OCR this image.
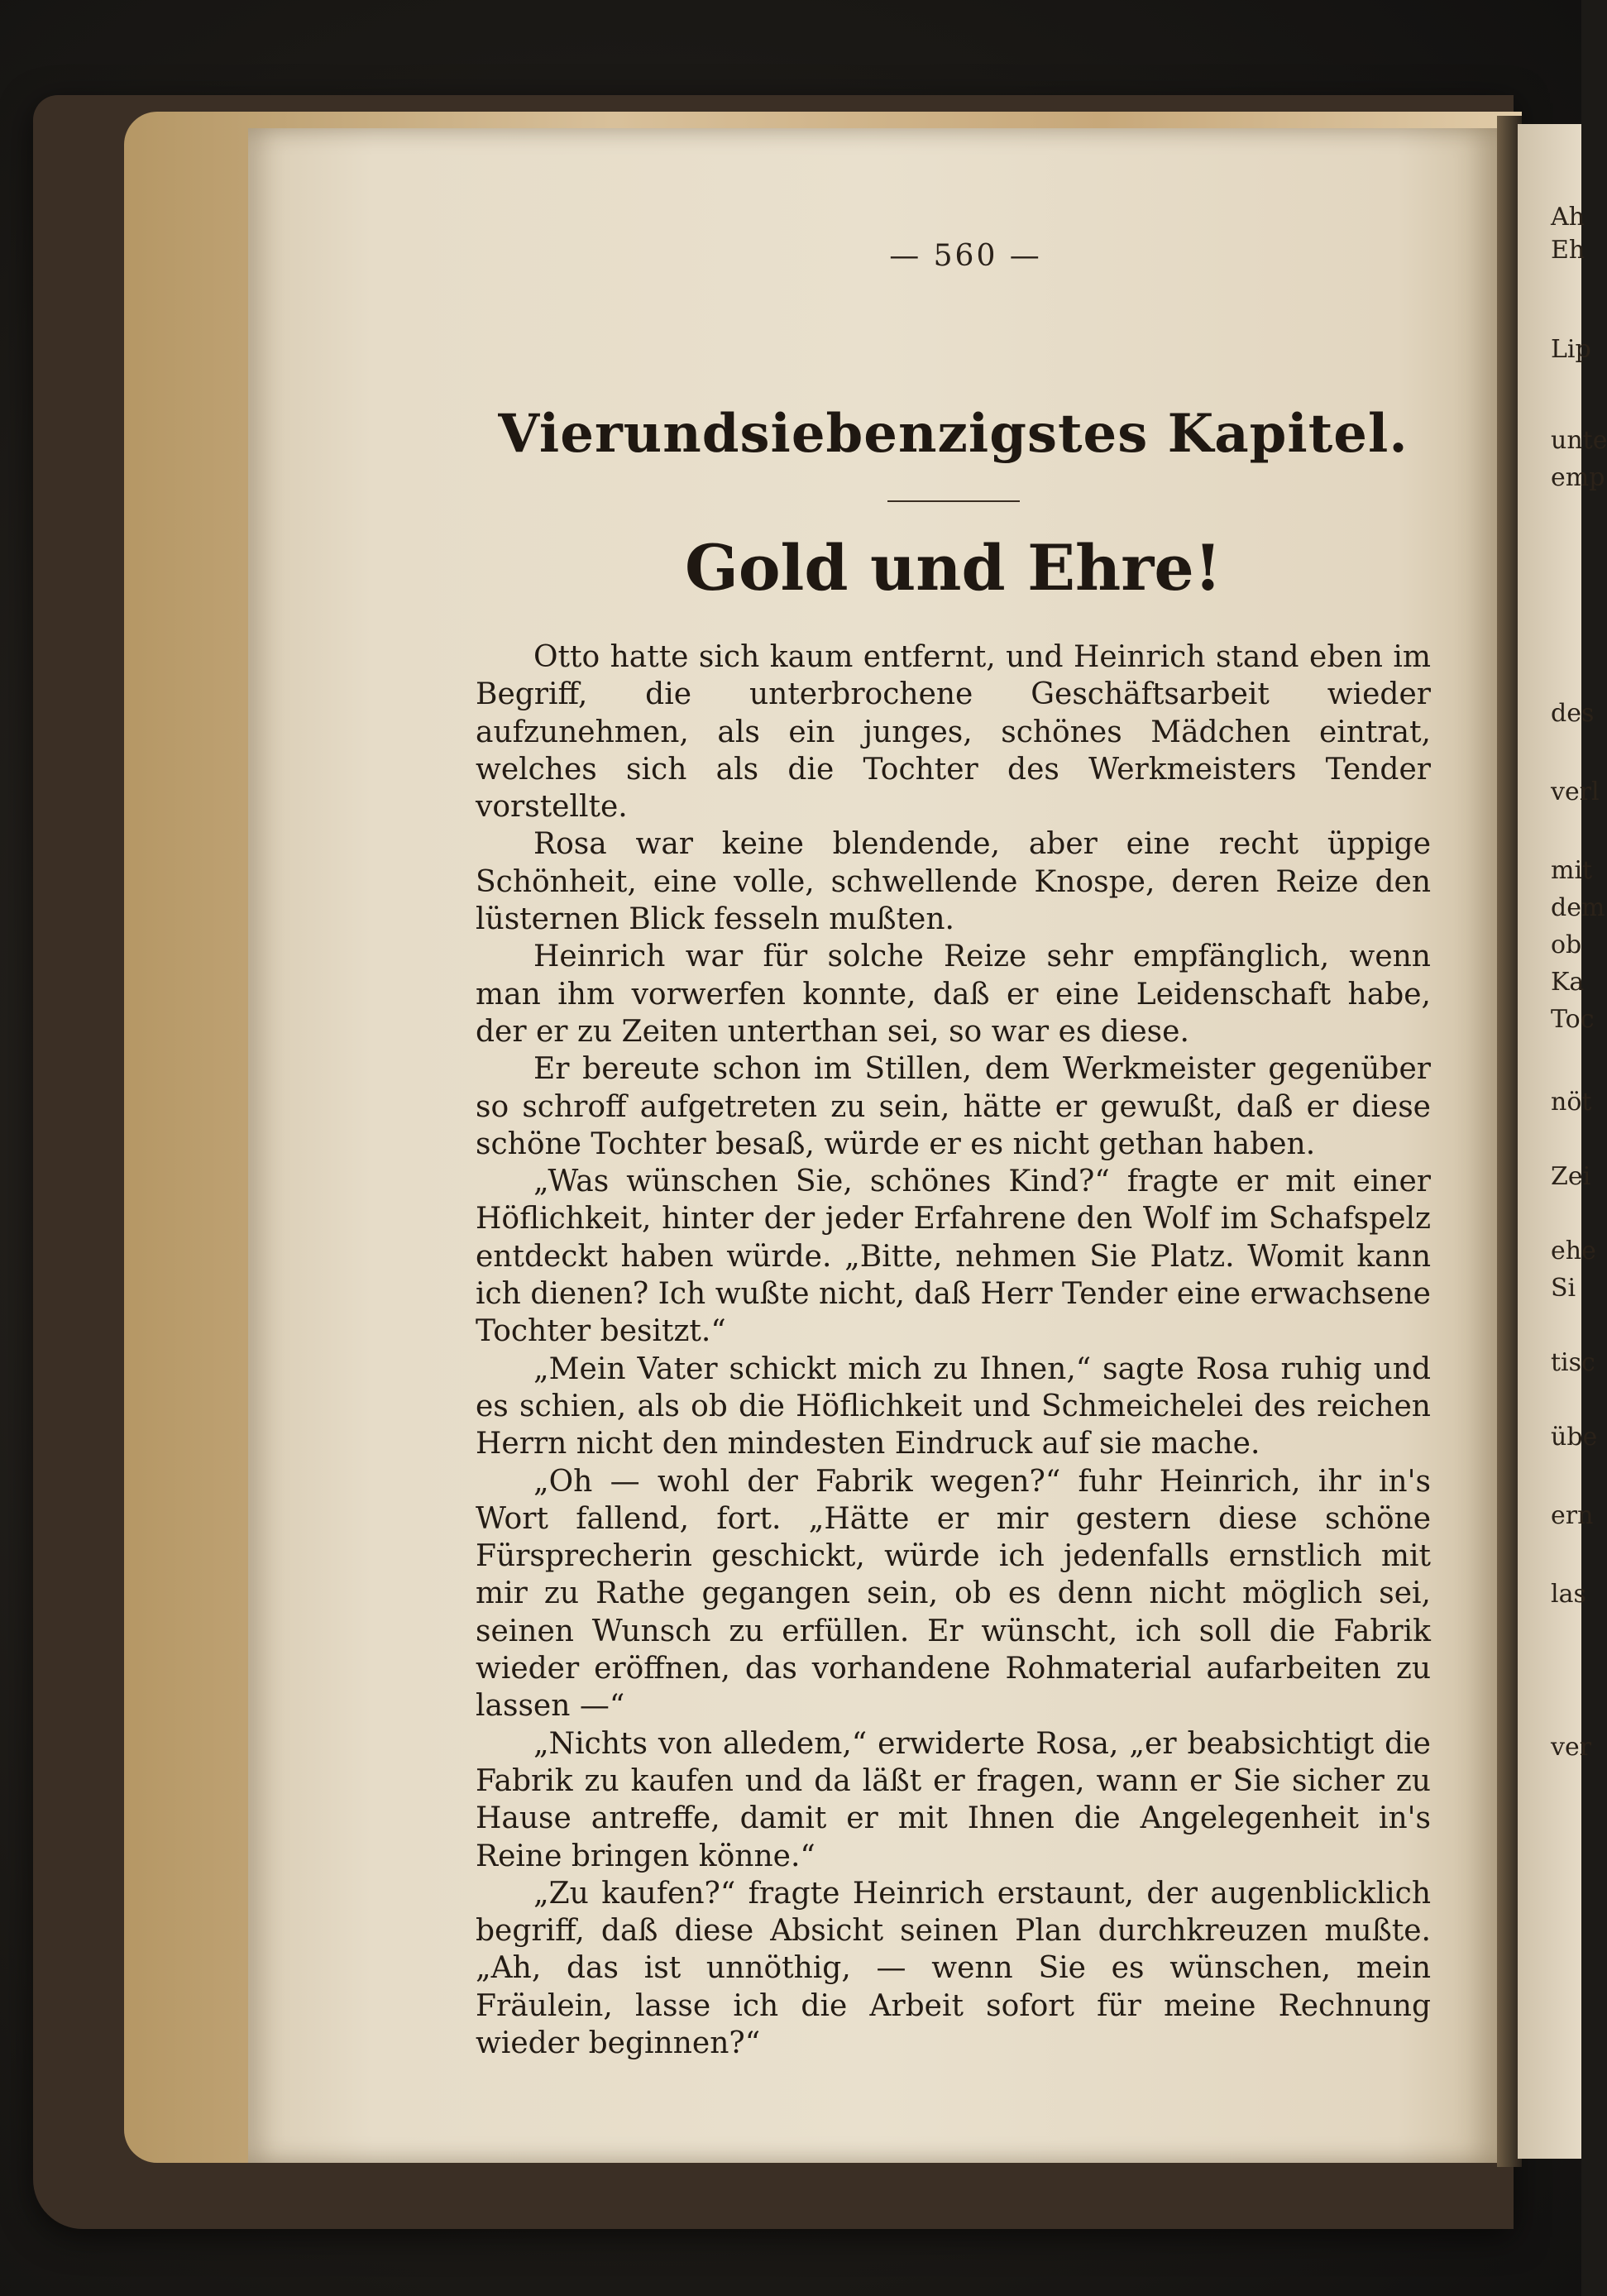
Ah
Eh
Lip
unte
emp
des
verl
mit
dem
ob
Ka
Toc
nöt
Zei
ehe
Si
tisc
übe
ern
las
ver
— 560 —
Vierundsiebenzigstes Kapitel.
Gold und Ehre!

Otto hatte sich kaum entfernt, und Heinrich stand eben im Begriff, die unterbrochene Geschäftsarbeit wieder aufzunehmen, als ein junges, schönes Mädchen eintrat, welches sich als die Tochter des Werkmeisters Tender vorstellte.

Rosa war keine blendende, aber eine recht üppige Schönheit, eine volle, schwellende Knospe, deren Reize den lüsternen Blick fesseln mußten.

Heinrich war für solche Reize sehr empfänglich, wenn man ihm vorwerfen konnte, daß er eine Leidenschaft habe, der er zu Zeiten unterthan sei, so war es diese.

Er bereute schon im Stillen, dem Werkmeister gegenüber so schroff aufgetreten zu sein, hätte er gewußt, daß er diese schöne Tochter besaß, würde er es nicht gethan haben.

„Was wünschen Sie, schönes Kind?“ fragte er mit einer Höflichkeit, hinter der jeder Erfahrene den Wolf im Schafspelz entdeckt haben würde. „Bitte, nehmen Sie Platz. Womit kann ich dienen? Ich wußte nicht, daß Herr Tender eine erwachsene Tochter besitzt.“

„Mein Vater schickt mich zu Ihnen,“ sagte Rosa ruhig und es schien, als ob die Höflichkeit und Schmeichelei des reichen Herrn nicht den mindesten Eindruck auf sie mache.

„Oh — wohl der Fabrik wegen?“ fuhr Heinrich, ihr in's Wort fallend, fort. „Hätte er mir gestern diese schöne Fürsprecherin geschickt, würde ich jedenfalls ernstlich mit mir zu Rathe gegangen sein, ob es denn nicht möglich sei, seinen Wunsch zu erfüllen. Er wünscht, ich soll die Fabrik wieder eröffnen, das vorhandene Rohmaterial aufarbeiten zu lassen —“

„Nichts von alledem,“ erwiderte Rosa, „er beabsichtigt die Fabrik zu kaufen und da läßt er fragen, wann er Sie sicher zu Hause antreffe, damit er mit Ihnen die Angelegenheit in's Reine bringen könne.“

„Zu kaufen?“ fragte Heinrich erstaunt, der augenblicklich begriff, daß diese Absicht seinen Plan durchkreuzen mußte. „Ah, das ist unnöthig, — wenn Sie es wünschen, mein Fräulein, lasse ich die Arbeit sofort für meine Rechnung wieder beginnen?“
